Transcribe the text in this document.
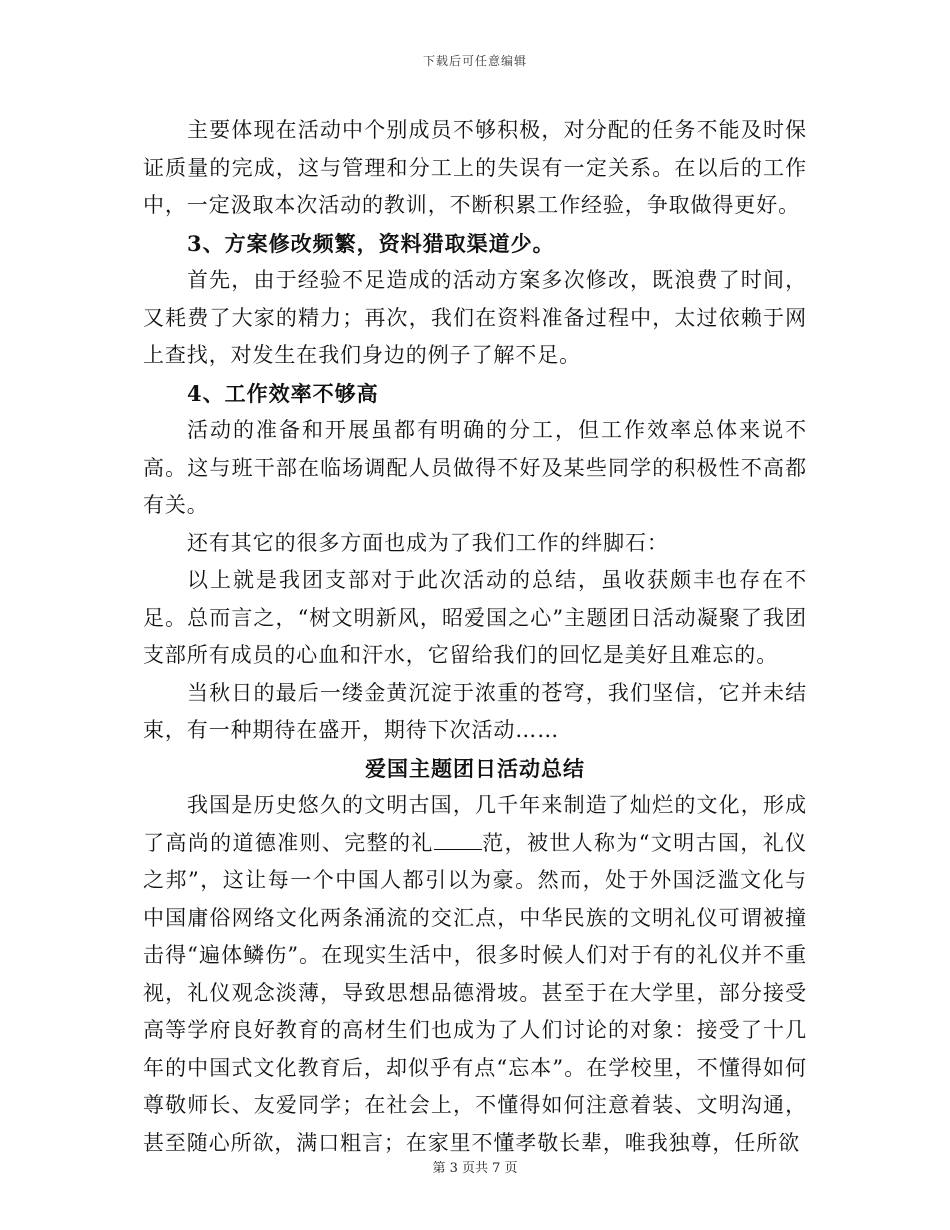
下载后可任意编辑

主要体现在活动中个别成员不够积极，对分配的任务不能及时保证质量的完成，这与管理和分工上的失误有一定关系。在以后的工作中，一定汲取本次活动的教训，不断积累工作经验，争取做得更好。

3、方案修改频繁，资料猎取渠道少。

首先，由于经验不足造成的活动方案多次修改，既浪费了时间，又耗费了大家的精力；再次，我们在资料准备过程中，太过依赖于网上查找，对发生在我们身边的例子了解不足。

4、工作效率不够高

活动的准备和开展虽都有明确的分工，但工作效率总体来说不高。这与班干部在临场调配人员做得不好及某些同学的积极性不高都有关。

还有其它的很多方面也成为了我们工作的绊脚石：

以上就是我团支部对于此次活动的总结，虽收获颇丰也存在不足。总而言之，“树文明新风，昭爱国之心”主题团日活动凝聚了我团支部所有成员的心血和汗水，它留给我们的回忆是美好且难忘的。

当秋日的最后一缕金黄沉淀于浓重的苍穹，我们坚信，它并未结束，有一种期待在盛开，期待下次活动……

爱国主题团日活动总结

我国是历史悠久的文明古国，几千年来制造了灿烂的文化，形成了高尚的道德准则、完整的礼 范，被世人称为“文明古国，礼仪之邦”，这让每一个中国人都引以为豪。然而，处于外国泛滥文化与中国庸俗网络文化两条涌流的交汇点，中华民族的文明礼仪可谓被撞击得“遍体鳞伤”。在现实生活中，很多时候人们对于有的礼仪并不重视，礼仪观念淡薄，导致思想品德滑坡。甚至于在大学里，部分接受高等学府良好教育的高材生们也成为了人们讨论的对象：接受了十几年的中国式文化教育后，却似乎有点“忘本”。在学校里，不懂得如何尊敬师长、友爱同学；在社会上，不懂得如何注意着装、文明沟通，甚至随心所欲，满口粗言；在家里不懂孝敬长辈，唯我独尊，任所欲

第 3 页共 7 页
